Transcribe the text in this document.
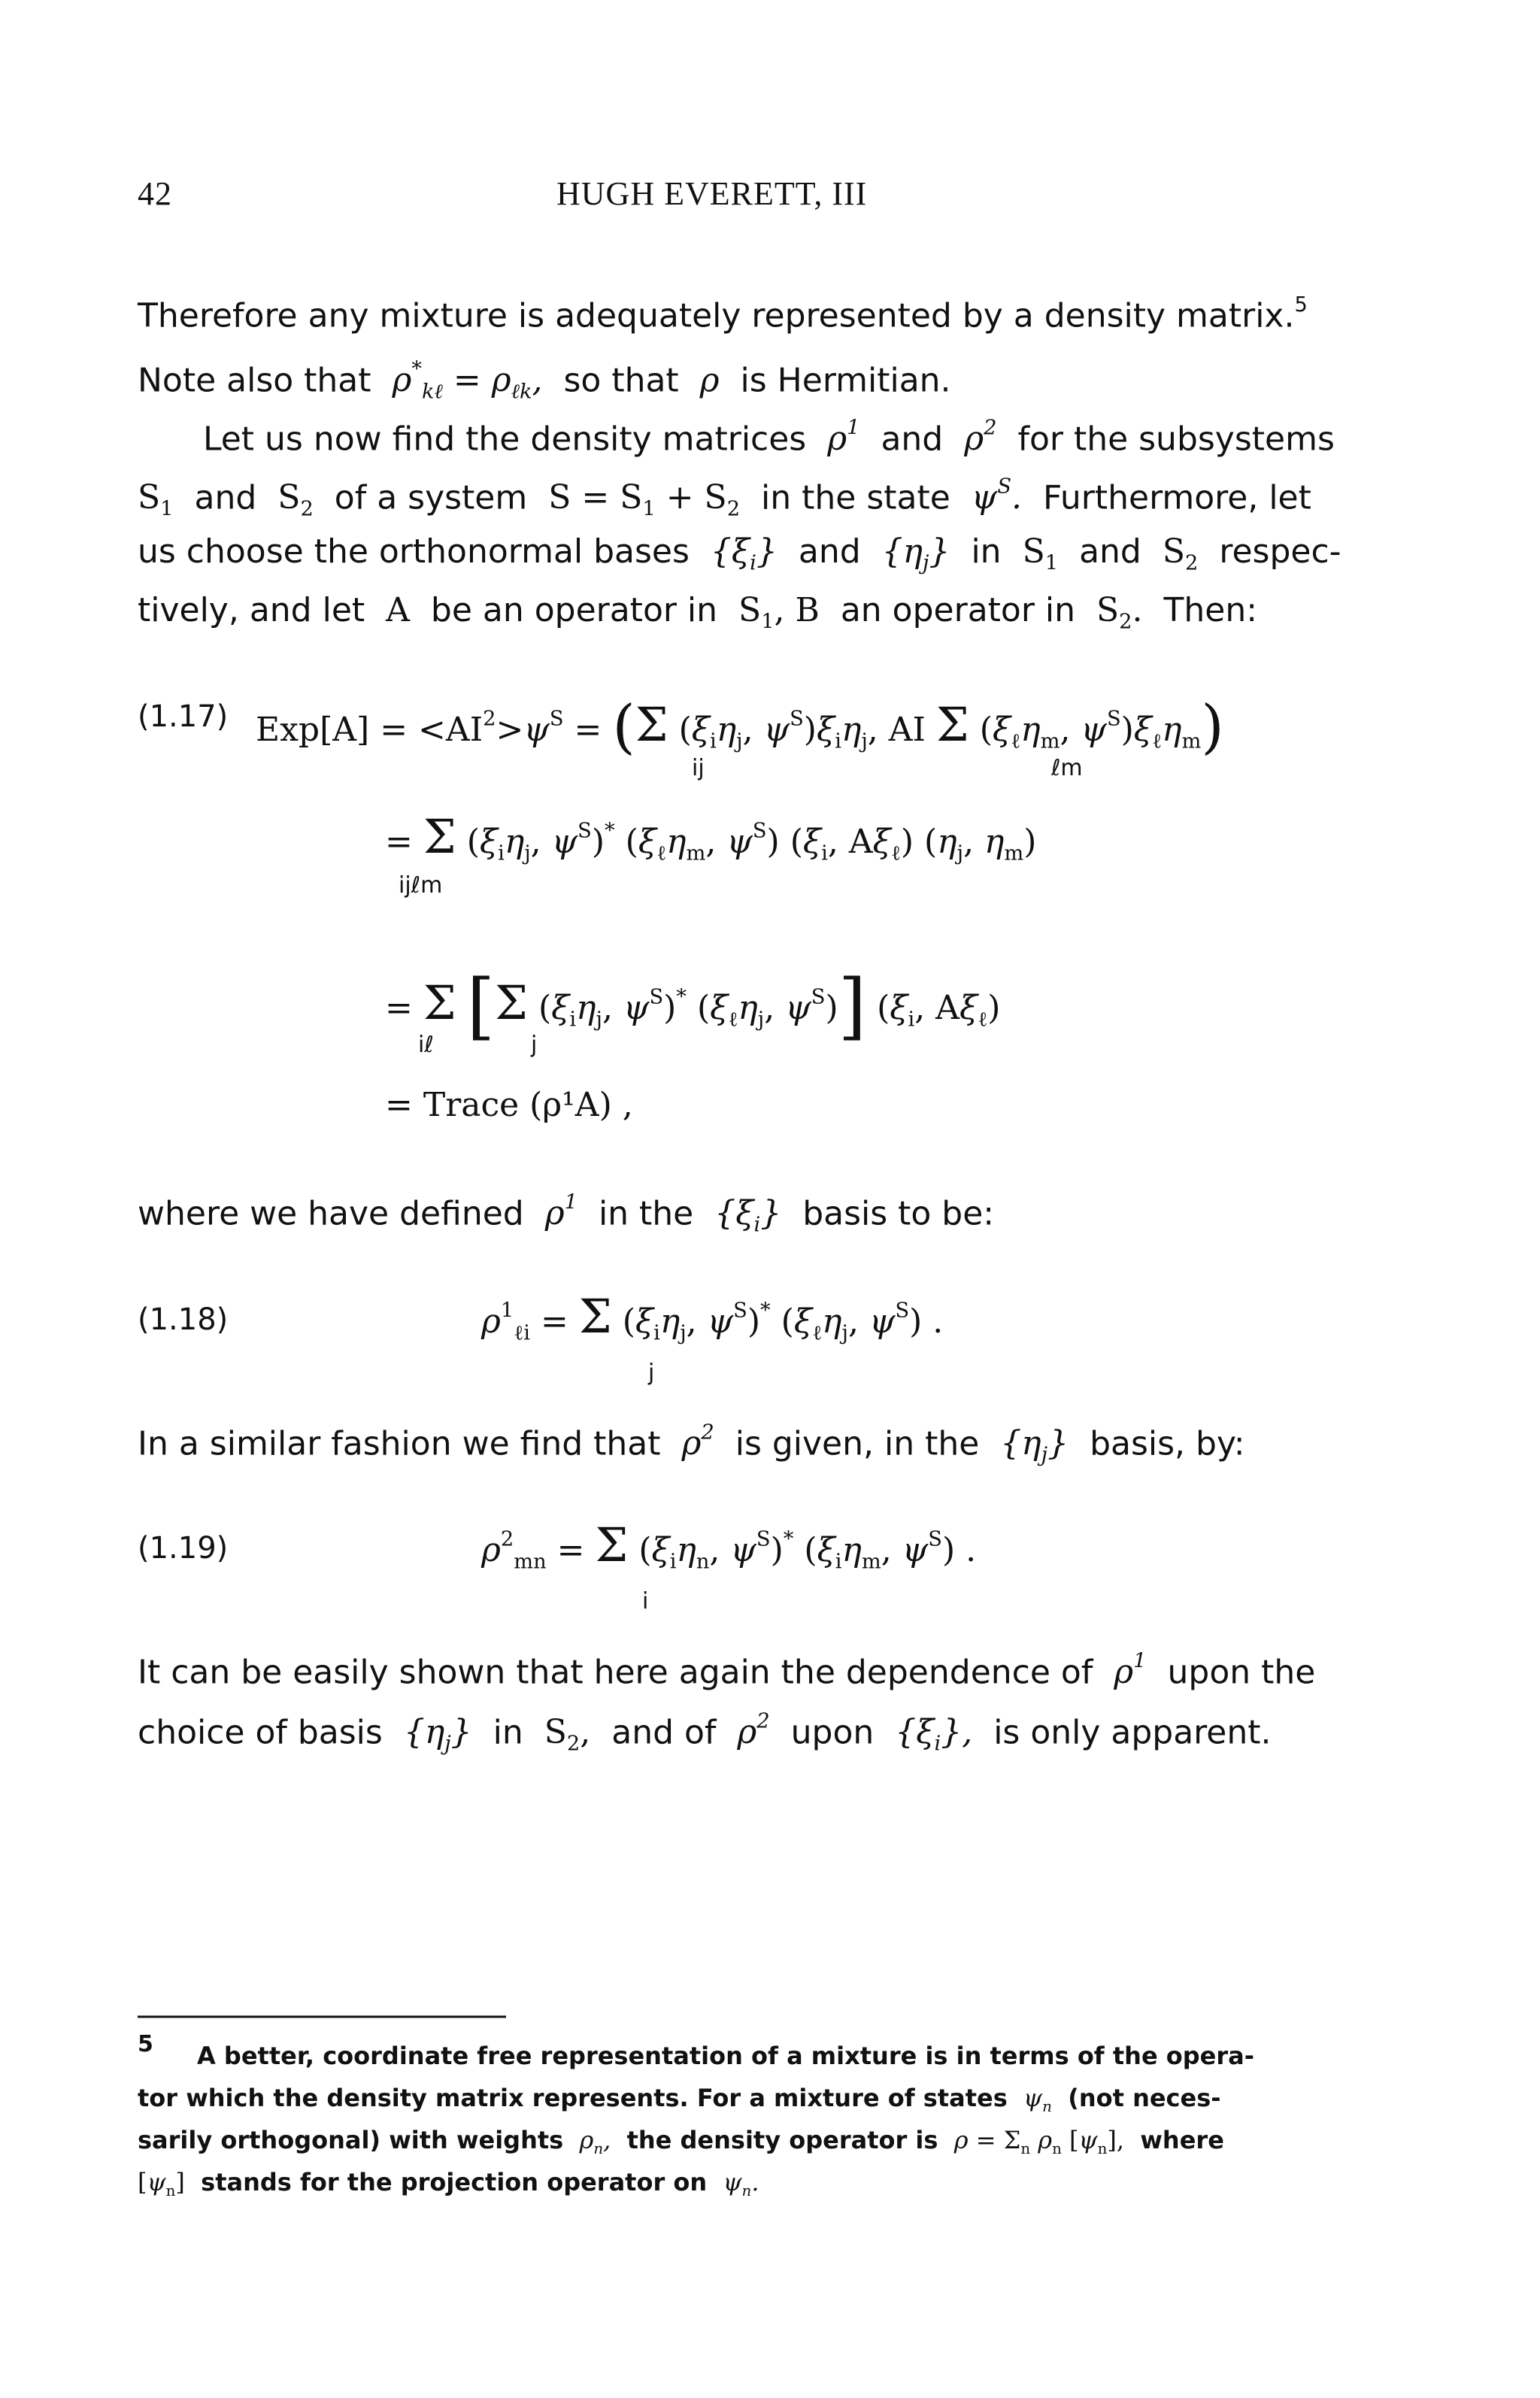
42	HUGH EVERETT, III
Therefore any mixture is adequately represented by a density matrix.$^5$
Note also that  $\rho^*_{k\ell} = \rho_{\ell k}$,  so that  ρ  is Hermitian.
Let us now find the density matrices  $\rho^1$ and  $\rho^2$ for the subsystems
$S_1$ and  $S_2$ of a system  $S = S_1 + S_2$ in the state  $\psi^S$.  Furthermore, let
us choose the orthonormal bases  $\{\xi_i\}$  and  $\{\eta_j\}$  in  $S_1$ and  $S_2$ respec-
tively, and let  A  be an operator in  $S_1$, B  an operator in  $S_2$.  Then:
(1.17) $Exp[A] = <AI^2>\psi^S = (\Sigma$ ($\xi_i\eta_j$, $\psi^S)\xi_i\eta_j$, AI Σ ($\xi_\ell\eta_m$, $\psi^S)\xi_\ell\eta_m$)
ij	ℓm
= Σ ($\xi_i\eta_j$, $\psi^S)^*$ ($\xi_\ell\eta_m$, $\psi^S$) ($\xi_i$, $A\xi_\ell$) ($\eta_j$, $\eta_m$)
ijℓm
= Σ [Σ ($\xi_i\eta_j$, $\psi^S)^*$ ($\xi_\ell\eta_j$, $\psi^S$)] ($\xi_i$, $A\xi_\ell$)
iℓ	j
= Trace (ρ¹A) ,
where we have defined  $\rho^1$ in the  $\{\xi_i\}$  basis to be:
(1.18)	$\rho^1_{\ell i} = \Sigma$ ($\xi_i\eta_j$, $\psi^S)^*$ ($\xi_\ell\eta_j$, $\psi^S$) .
j
In a similar fashion we find that  $\rho^2$ is given, in the  $\{\eta_j\}$  basis, by:
(1.19)	$\rho^2_{mn} = \Sigma$ ($\xi_i\eta_n$, $\psi^S)^*$ ($\xi_i\eta_m$, $\psi^S$) .
i
It can be easily shown that here again the dependence of  $\rho^1$ upon the
choice of basis  $\{\eta_j\}$  in  $S_2$,  and of  $\rho^2$ upon  $\{\xi_i\}$,  is only apparent.
5 A better, coordinate free representation of a mixture is in terms of the opera-
tor which the density matrix represents. For a mixture of states  $\psi_n$ (not neces-
sarily orthogonal) with weights  $\rho_n$,  the density operator is $\rho = \Sigma_n$ $\rho_n$ $[\psi_n]$,  where
$[\psi_n]$  stands for the projection operator on  $\psi_n$.
